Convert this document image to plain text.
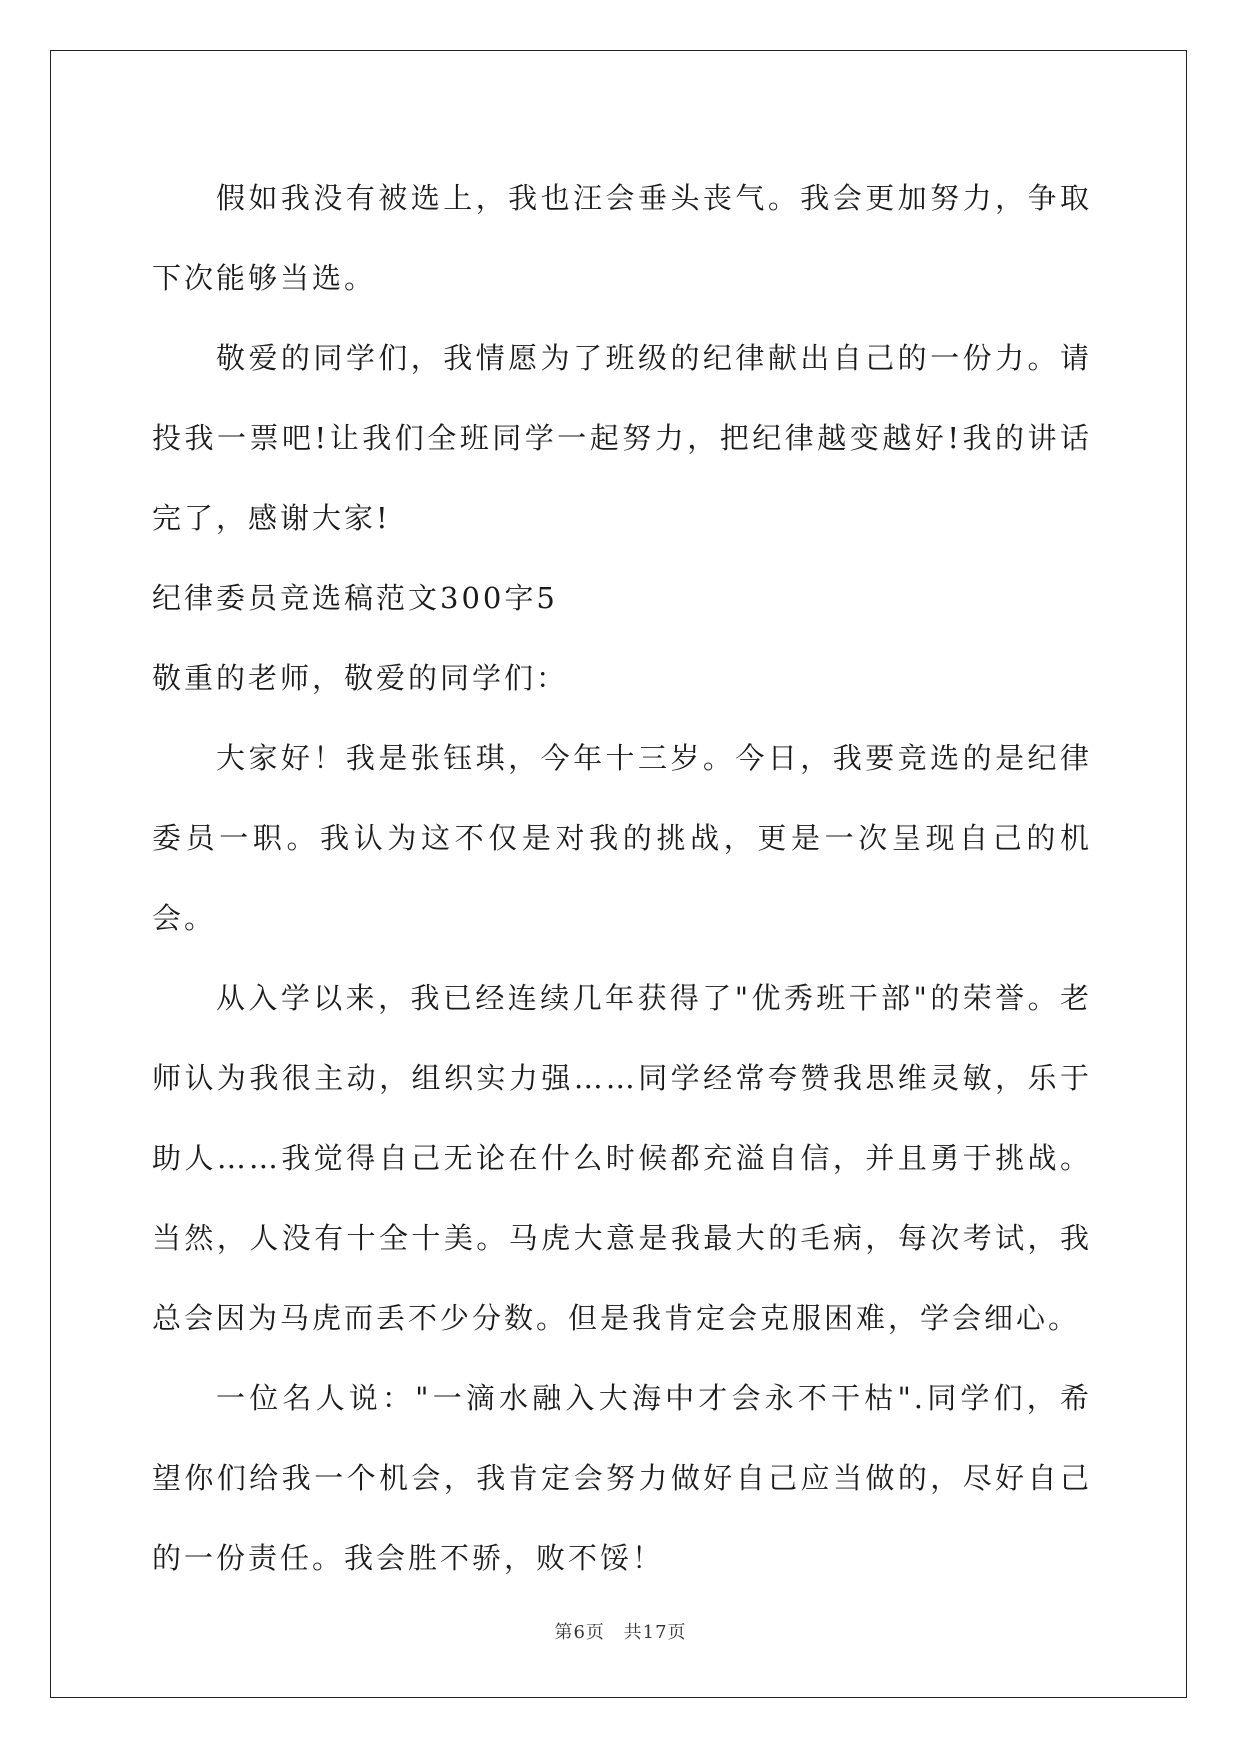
假如我没有被选上，我也汪会垂头丧气。我会更加努力，争取下次能够当选。

敬爱的同学们，我情愿为了班级的纪律献出自己的一份力。请投我一票吧!让我们全班同学一起努力，把纪律越变越好!我的讲话完了，感谢大家!

纪律委员竞选稿范文300字5

敬重的老师，敬爱的同学们：

大家好！我是张钰琪，今年十三岁。今日，我要竞选的是纪律委员一职。我认为这不仅是对我的挑战，更是一次呈现自己的机会。

从入学以来，我已经连续几年获得了"优秀班干部"的荣誉。老师认为我很主动，组织实力强……同学经常夸赞我思维灵敏，乐于助人……我觉得自己无论在什么时候都充溢自信，并且勇于挑战。当然，人没有十全十美。马虎大意是我最大的毛病，每次考试，我总会因为马虎而丢不少分数。但是我肯定会克服困难，学会细心。

一位名人说："一滴水融入大海中才会永不干枯".同学们，希望你们给我一个机会，我肯定会努力做好自己应当做的，尽好自己的一份责任。我会胜不骄，败不馁！

第6页 共17页
